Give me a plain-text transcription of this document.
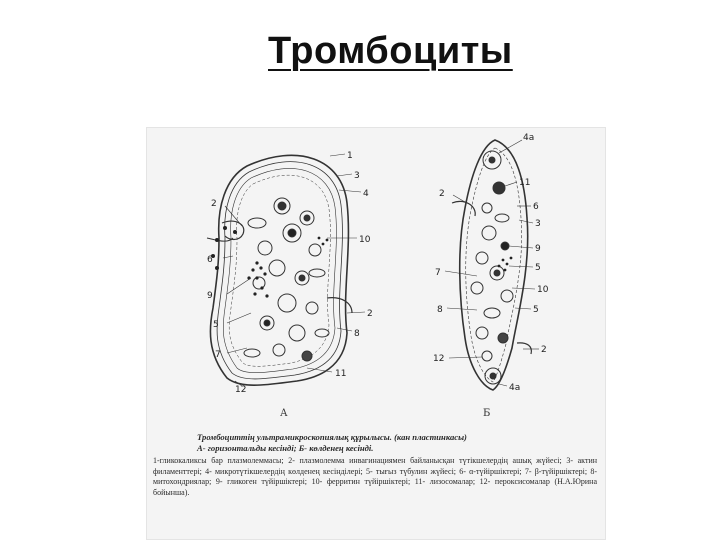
Тромбоциты
1
2
3
4
10
6
9
5
2
8
7
11
12
4a
11
2
6
3
9
5
7
10
8	5
2
12
4a
А	Б
Тромбоциттің ультрамикроскопиялық құрылысы. (кан пластинкасы)
А- горизонтальды кесінді; Б- көлденең кесінді.
1-гликокаликсы бар плазмолеммасы; 2- плазмолемма инвагинациямен байланысқан түтікшелердің ашық жүйесі; 3- актин филаменттері; 4- микротүтікшелердің көлденең кесінділері; 5- тығыз түбулин жүйесі; 6- α-түйіршіктері; 7- β-түйіршіктері; 8- митохондриялар; 9- гликоген түйіршіктері; 10- ферритин түйіршіктері; 11- лизосомалар; 12- пероксисомалар (Н.А.Юрина бойынша).
